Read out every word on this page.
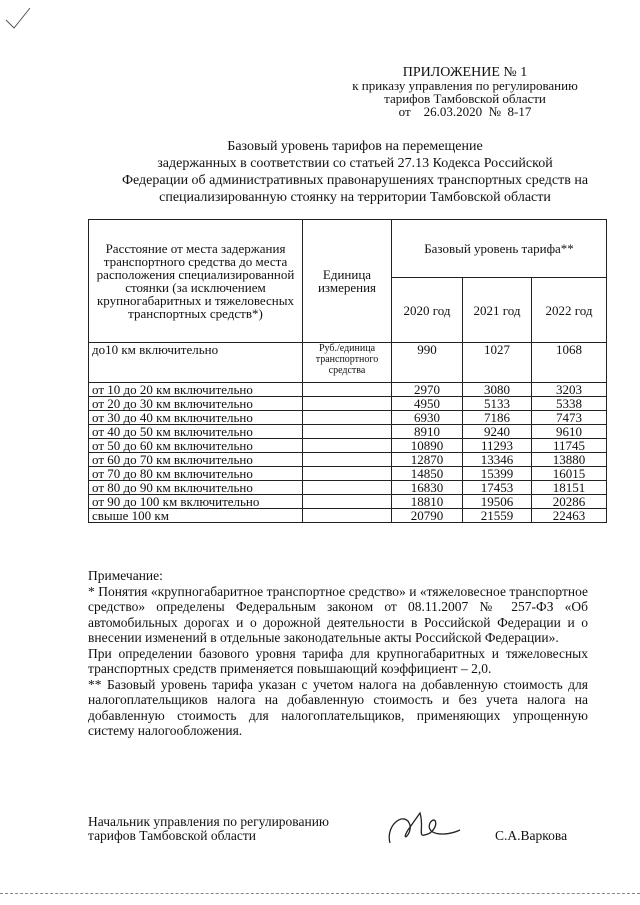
ПРИЛОЖЕНИЕ № 1
к приказу управления по регулированию
тарифов Тамбовской области
от    26.03.2020  №  8-17
Базовый уровень тарифов на перемещение
задержанных в соответствии со статьей 27.13 Кодекса Российской
Федерации об административных правонарушениях транспортных средств на
специализированную стоянку на территории Тамбовской области
Расстояние от места задержания транспортного средства до места расположения специализированной стоянки (за исключением крупногабаритных и тяжеловесных транспортных средств*)	Единица измерения	Базовый уровень тарифа**		
		2020 год	2021 год	2022 год
до10 км включительно	Руб./единица транспортного средства	990	1027	1068
от 10 до 20 км включительно		2970	3080	3203
от 20 до 30 км включительно		4950	5133	5338
от 30 до 40 км включительно		6930	7186	7473
от 40 до 50 км включительно		8910	9240	9610
от 50 до 60 км включительно		10890	11293	11745
от 60 до 70 км включительно		12870	13346	13880
от 70 до 80 км включительно		14850	15399	16015
от 80 до 90 км включительно		16830	17453	18151
от 90 до 100 км включительно		18810	19506	20286
свыше 100 км		20790	21559	22463

Примечание:

* Понятия «крупногабаритное транспортное средство» и «тяжеловесное транспортное средство» определены Федеральным законом от 08.11.2007 № 257-ФЗ «Об автомобильных дорогах и о дорожной деятельности в Российской Федерации и о внесении изменений в отдельные законодательные акты Российской Федерации».

При определении базового уровня тарифа для крупногабаритных и тяжеловесных транспортных средств применяется повышающий коэффициент – 2,0.

** Базовый уровень тарифа указан с учетом налога на добавленную стоимость для налогоплательщиков налога на добавленную стоимость и без учета налога на добавленную стоимость для налогоплательщиков, применяющих упрощенную систему налогообложения.

Начальник управления по регулированию
тарифов Тамбовской области	С.А.Варкова
